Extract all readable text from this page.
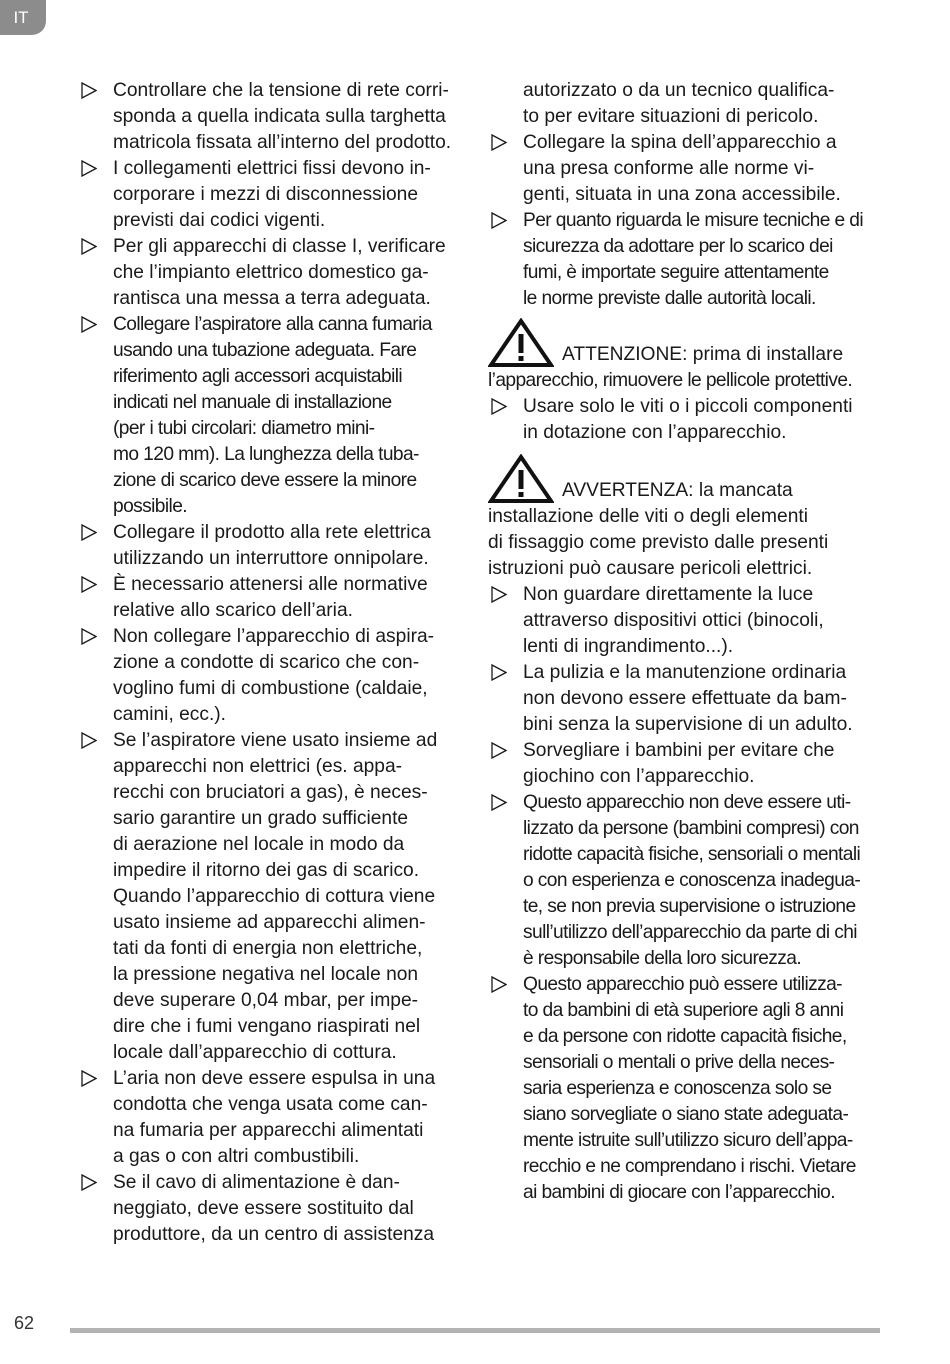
IT
Controllare che la tensione di rete corri-
sponda a quella indicata sulla targhetta
matricola fissata all’interno del prodotto.
I collegamenti elettrici fissi devono in-
corporare i mezzi di disconnessione
previsti dai codici vigenti.
Per gli apparecchi di classe I, verificare
che l’impianto elettrico domestico ga-
rantisca una messa a terra adeguata.
Collegare l’aspiratore alla canna fumaria
usando una tubazione adeguata. Fare
riferimento agli accessori acquistabili
indicati nel manuale di installazione
(per i tubi circolari: diametro mini-
mo 120 mm). La lunghezza della tuba-
zione di scarico deve essere la minore
possibile.
Collegare il prodotto alla rete elettrica
utilizzando un interruttore onnipolare.
È necessario attenersi alle normative
relative allo scarico dell’aria.
Non collegare l’apparecchio di aspira-
zione a condotte di scarico che con-
voglino fumi di combustione (caldaie,
camini, ecc.).
Se l’aspiratore viene usato insieme ad
apparecchi non elettrici (es. appa-
recchi con bruciatori a gas), è neces-
sario garantire un grado sufficiente
di aerazione nel locale in modo da
impedire il ritorno dei gas di scarico.
Quando l’apparecchio di cottura viene
usato insieme ad apparecchi alimen-
tati da fonti di energia non elettriche,
la pressione negativa nel locale non
deve superare 0,04 mbar, per impe-
dire che i fumi vengano riaspirati nel
locale dall’apparecchio di cottura.
L’aria non deve essere espulsa in una
condotta che venga usata come can-
na fumaria per apparecchi alimentati
a gas o con altri combustibili.
Se il cavo di alimentazione è dan-
neggiato, deve essere sostituito dal
produttore, da un centro di assistenza
autorizzato o da un tecnico qualifica-
to per evitare situazioni di pericolo.
Collegare la spina dell’apparecchio a
una presa conforme alle norme vi-
genti, situata in una zona accessibile.
Per quanto riguarda le misure tecniche e di
sicurezza da adottare per lo scarico dei
fumi, è importate seguire attentamente
le norme previste dalle autorità locali.
ATTENZIONE: prima di installare
l’apparecchio, rimuovere le pellicole protettive.
Usare solo le viti o i piccoli componenti
in dotazione con l’apparecchio.
AVVERTENZA: la mancata
installazione delle viti o degli elementi
di fissaggio come previsto dalle presenti
istruzioni può causare pericoli elettrici.
Non guardare direttamente la luce
attraverso dispositivi ottici (binocoli,
lenti di ingrandimento...).
La pulizia e la manutenzione ordinaria
non devono essere effettuate da bam-
bini senza la supervisione di un adulto.
Sorvegliare i bambini per evitare che
giochino con l’apparecchio.
Questo apparecchio non deve essere uti-
lizzato da persone (bambini compresi) con
ridotte capacità fisiche, sensoriali o mentali
o con esperienza e conoscenza inadegua-
te, se non previa supervisione o istruzione
sull’utilizzo dell’apparecchio da parte di chi
è responsabile della loro sicurezza.
Questo apparecchio può essere utilizza-
to da bambini di età superiore agli 8 anni
e da persone con ridotte capacità fisiche,
sensoriali o mentali o prive della neces-
saria esperienza e conoscenza solo se
siano sorvegliate o siano state adeguata-
mente istruite sull’utilizzo sicuro dell’appa-
recchio e ne comprendano i rischi. Vietare
ai bambini di giocare con l’apparecchio.
62
